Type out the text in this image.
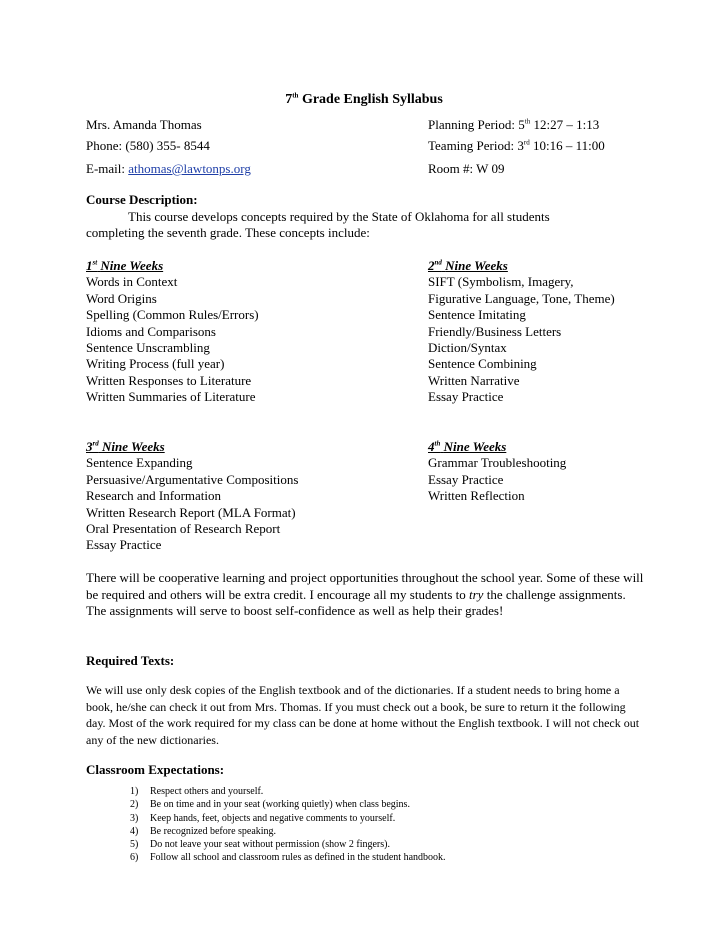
7th Grade English Syllabus
Mrs. Amanda Thomas	Planning Period: 5th 12:27 – 1:13
Phone: (580) 355- 8544	Teaming Period: 3rd 10:16 – 11:00
E-mail: athomas@lawtonps.org	Room #: W 09
Course Description:
This course develops concepts required by the State of Oklahoma for all students
completing the seventh grade. These concepts include:
1st Nine Weeks
Words in Context
Word Origins
Spelling (Common Rules/Errors)
Idioms and Comparisons
Sentence Unscrambling
Writing Process (full year)
Written Responses to Literature
Written Summaries of Literature
2nd Nine Weeks
SIFT (Symbolism, Imagery,
Figurative Language, Tone, Theme)
Sentence Imitating
Friendly/Business Letters
Diction/Syntax
Sentence Combining
Written Narrative
Essay Practice
3rd Nine Weeks
Sentence Expanding
Persuasive/Argumentative Compositions
Research and Information
Written Research Report (MLA Format)
Oral Presentation of Research Report
Essay Practice
4th Nine Weeks
Grammar Troubleshooting
Essay Practice
Written Reflection
There will be cooperative learning and project opportunities throughout the school year. Some of these will be required and others will be extra credit. I encourage all my students to try the challenge assignments. The assignments will serve to boost self-confidence as well as help their grades!
Required Texts:
We will use only desk copies of the English textbook and of the dictionaries. If a student needs to bring home a book, he/she can check it out from Mrs. Thomas. If you must check out a book, be sure to return it the following day. Most of the work required for my class can be done at home without the English textbook. I will not check out any of the new dictionaries.
Classroom Expectations:
1) Respect others and yourself.
2) Be on time and in your seat (working quietly) when class begins.
3) Keep hands, feet, objects and negative comments to yourself.
4) Be recognized before speaking.
5) Do not leave your seat without permission (show 2 fingers).
6) Follow all school and classroom rules as defined in the student handbook.
